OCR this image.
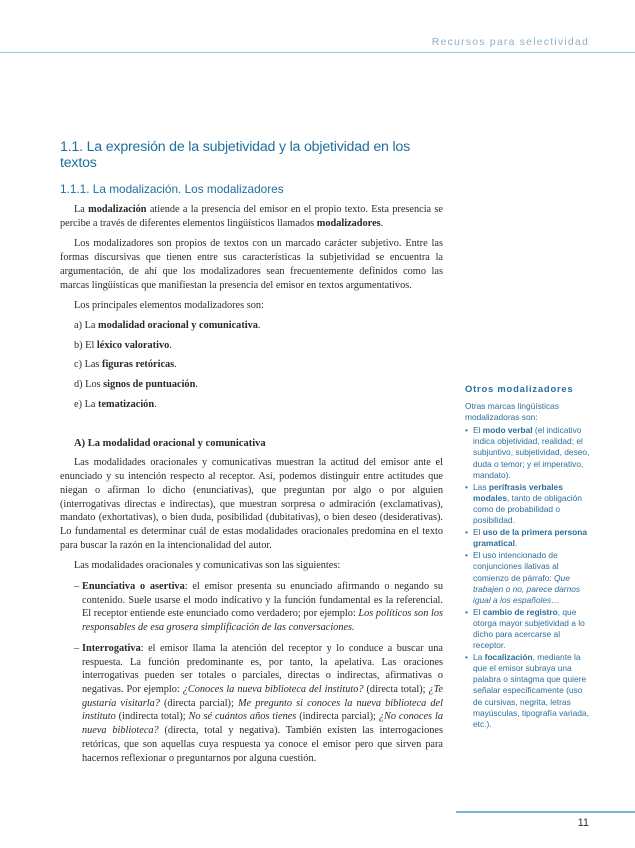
Recursos para selectividad
1.1. La expresión de la subjetividad y la objetividad en los textos
1.1.1. La modalización. Los modalizadores

La modalización atiende a la presencia del emisor en el propio texto. Esta presencia se percibe a través de diferentes elementos lingüísticos llamados modalizadores.

Los modalizadores son propios de textos con un marcado carácter subjetivo. Entre las formas discursivas que tienen entre sus características la subjetividad se encuentra la argumentación, de ahí que los modalizadores sean frecuentemente definidos como las marcas lingüísticas que manifiestan la presencia del emisor en textos argumentativos.

Los principales elementos modalizadores son:

a) La modalidad oracional y comunicativa.

b) El léxico valorativo.

c) Las figuras retóricas.

d) Los signos de puntuación.

e) La tematización.

A) La modalidad oracional y comunicativa

Las modalidades oracionales y comunicativas muestran la actitud del emisor ante el enunciado y su intención respecto al receptor. Así, podemos distinguir entre actitudes que niegan o afirman lo dicho (enunciativas), que preguntan por algo o por alguien (interrogativas directas e indirectas), que muestran sorpresa o admiración (exclamativas), mandato (exhortativas), o bien duda, posibilidad (dubitativas), o bien deseo (desiderativas). Lo fundamental es determinar cuál de estas modalidades oracionales predomina en el texto para buscar la razón en la intencionalidad del autor.

Las modalidades oracionales y comunicativas son las siguientes:

– Enunciativa o asertiva: el emisor presenta su enunciado afirmando o negando su contenido. Suele usarse el modo indicativo y la función fundamental es la referencial. El receptor entiende este enunciado como verdadero; por ejemplo: Los políticos son los responsables de esa grosera simplificación de las conversaciones.
– Interrogativa: el emisor llama la atención del receptor y lo conduce a buscar una respuesta. La función predominante es, por tanto, la apelativa. Las oraciones interrogativas pueden ser totales o parciales, directas o indirectas, afirmativas o negativas. Por ejemplo: ¿Conoces la nueva biblioteca del instituto? (directa total); ¿Te gustaría visitarla? (directa parcial); Me pregunto si conoces la nueva biblioteca del instituto (indirecta total); No sé cuántos años tienes (indirecta parcial); ¿No conoces la nueva biblioteca? (directa, total y negativa). También existen las interrogaciones retóricas, que son aquellas cuya respuesta ya conoce el emisor pero que sirven para hacernos reflexionar o preguntarnos por alguna cuestión.
Otros modalizadores
Otras marcas lingüísticas modalizadoras son:
• El modo verbal (el indicativo indica objetividad, realidad; el subjuntivo, subjetividad, deseo, duda o temor; y el imperativo, mandato).
• Las perífrasis verbales modales, tanto de obligación como de probabilidad o posibilidad.
• El uso de la primera persona gramatical.
• El uso intencionado de conjunciones ilativas al comienzo de párrafo: Que trabajen o no, parece darnos igual a los españoles…
• El cambio de registro, que otorga mayor subjetividad a lo dicho para acercarse al receptor.
• La focalización, mediante la que el emisor subraya una palabra o sintagma que quiere señalar específicamente (uso de cursivas, negrita, letras mayúsculas, tipografía variada, etc.).
11
